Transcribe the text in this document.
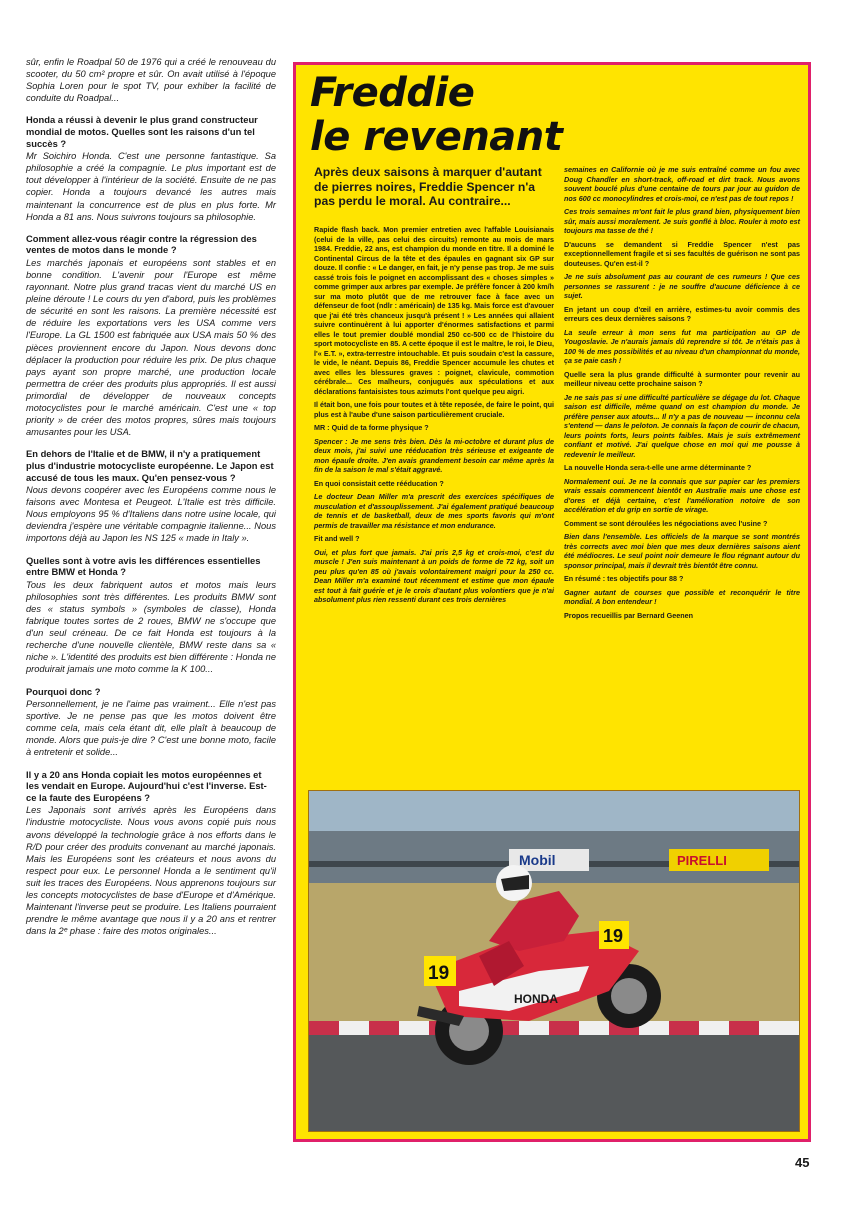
sûr, enfin le Roadpal 50 de 1976 qui a créé le renouveau du scooter, du 50 cm² propre et sûr. On avait utilisé à l'époque Sophia Loren pour le spot TV, pour exhiber la facilité de conduite du Roadpal...

Honda a réussi à devenir le plus grand constructeur mondial de motos. Quelles sont les raisons d'un tel succès ?

Mr Soichiro Honda. C'est une personne fantastique. Sa philosophie a créé la compagnie. Le plus important est de tout développer à l'intérieur de la société. Ensuite de ne pas copier. Honda a toujours devancé les autres mais maintenant la concurrence est de plus en plus forte. Mr Honda a 81 ans. Nous suivrons toujours sa philosophie.

Comment allez-vous réagir contre la régression des ventes de motos dans le monde ?

Les marchés japonais et européens sont stables et en bonne condition. L'avenir pour l'Europe est même rayonnant. Notre plus grand tracas vient du marché US en pleine déroute ! Le cours du yen d'abord, puis les problèmes de sécurité en sont les raisons. La première nécessité est de réduire les exportations vers les USA comme vers l'Europe. La GL 1500 est fabriquée aux USA mais 50 % des pièces proviennent encore du Japon. Nous devons donc déplacer la production pour réduire les prix. De plus chaque pays ayant son propre marché, une production locale permettra de créer des produits plus appropriés. Il est aussi primordial de développer de nouveaux concepts motocyclistes pour le marché américain. C'est une « top priority » de créer des motos propres, sûres mais toujours amusantes pour les USA.

En dehors de l'Italie et de BMW, il n'y a pratiquement plus d'industrie motocycliste européenne. Le Japon est accusé de tous les maux. Qu'en pensez-vous ?

Nous devons coopérer avec les Européens comme nous le faisons avec Montesa et Peugeot. L'Italie est très difficile. Nous employons 95 % d'Italiens dans notre usine locale, qui deviendra j'espère une véritable compagnie italienne... Nous importons déjà au Japon les NS 125 « made in Italy ».

Quelles sont à votre avis les différences essentielles entre BMW et Honda ?

Tous les deux fabriquent autos et motos mais leurs philosophies sont très différentes. Les produits BMW sont des « status symbols » (symboles de classe), Honda fabrique toutes sortes de 2 roues, BMW ne s'occupe que d'un seul créneau. De ce fait Honda est toujours à la recherche d'une nouvelle clientèle, BMW reste dans sa « niche ». L'identité des produits est bien différente : Honda ne produirait jamais une moto comme la K 100...

Pourquoi donc ?

Personnellement, je ne l'aime pas vraiment... Elle n'est pas sportive. Je ne pense pas que les motos doivent être comme cela, mais cela étant dit, elle plaît à beaucoup de monde. Alors que puis-je dire ? C'est une bonne moto, facile à entretenir et solide...

Il y a 20 ans Honda copiait les motos européennes et les vendait en Europe. Aujourd'hui c'est l'inverse. Est-ce la faute des Européens ?

Les Japonais sont arrivés après les Européens dans l'industrie motocycliste. Nous vous avons copié puis nous avons développé la technologie grâce à nos efforts dans le R/D pour créer des produits convenant au marché japonais. Mais les Européens sont les créateurs et nous avons du respect pour eux. Le personnel Honda a le sentiment qu'il suit les traces des Européens. Nous apprenons toujours sur les concepts motocyclistes de base d'Europe et d'Amérique. Maintenant l'inverse peut se produire. Les Italiens pourraient prendre le même avantage que nous il y a 20 ans et rentrer dans la 2ᵉ phase : faire des motos originales...

Freddie
le revenant

Après deux saisons à marquer d'autant de pierres noires, Freddie Spencer n'a pas perdu le moral. Au contraire...

Rapide flash back. Mon premier entretien avec l'affable Louisianais (celui de la ville, pas celui des circuits) remonte au mois de mars 1984. Freddie, 22 ans, est champion du monde en titre. Il a dominé le Continental Circus de la tête et des épaules en gagnant six GP sur douze. Il confie : « Le danger, en fait, je n'y pense pas trop. Je me suis cassé trois fois le poignet en accomplissant des « choses simples » comme grimper aux arbres par exemple. Je préfère foncer à 200 km/h sur ma moto plutôt que de me retrouver face à face avec un défenseur de foot (ndlr : américain) de 135 kg. Mais force est d'avouer que j'ai été très chanceux jusqu'à présent ! » Les années qui allaient suivre continuèrent à lui apporter d'énormes satisfactions et parmi elles le tout premier doublé mondial 250 cc-500 cc de l'histoire du sport motocycliste en 85. A cette époque il est le maître, le roi, le Dieu, l'« E.T. », extra-terrestre intouchable. Et puis soudain c'est la cassure, le vide, le néant. Depuis 86, Freddie Spencer accumule les chutes et avec elles les blessures graves : poignet, clavicule, commotion cérébrale... Ces malheurs, conjugués aux spéculations et aux déclarations fantaisistes tous azimuts l'ont quelque peu aigri.

Il était bon, une fois pour toutes et à tête reposée, de faire le point, qui plus est à l'aube d'une saison particulièrement cruciale.

MR : Quid de ta forme physique ?

Spencer : Je me sens très bien. Dès la mi-octobre et durant plus de deux mois, j'ai suivi une rééducation très sérieuse et exigeante de mon épaule droite. J'en avais grandement besoin car même après la fin de la saison le mal s'était aggravé.

En quoi consistait cette rééducation ?

Le docteur Dean Miller m'a prescrit des exercices spécifiques de musculation et d'assouplissement. J'ai également pratiqué beaucoup de tennis et de basketball, deux de mes sports favoris qui m'ont permis de travailler ma résistance et mon endurance.

Fit and well ?

Oui, et plus fort que jamais. J'ai pris 2,5 kg et crois-moi, c'est du muscle ! J'en suis maintenant à un poids de forme de 72 kg, soit un peu plus qu'en 85 où j'avais volontairement maigri pour la 250 cc. Dean Miller m'a examiné tout récemment et estime que mon épaule est tout à fait guérie et je le crois d'autant plus volontiers que je n'ai absolument plus rien ressenti durant ces trois dernières

semaines en Californie où je me suis entraîné comme un fou avec Doug Chandler en short-track, off-road et dirt track. Nous avons souvent bouclé plus d'une centaine de tours par jour au guidon de nos 600 cc monocylindres et crois-moi, ce n'est pas de tout repos !

Ces trois semaines m'ont fait le plus grand bien, physiquement bien sûr, mais aussi moralement. Je suis gonflé à bloc. Rouler à moto est toujours ma tasse de thé !

D'aucuns se demandent si Freddie Spencer n'est pas exceptionnellement fragile et si ses facultés de guérison ne sont pas douteuses. Qu'en est-il ?

Je ne suis absolument pas au courant de ces rumeurs ! Que ces personnes se rassurent : je ne souffre d'aucune déficience à ce sujet.

En jetant un coup d'œil en arrière, estimes-tu avoir commis des erreurs ces deux dernières saisons ?

La seule erreur à mon sens fut ma participation au GP de Yougoslavie. Je n'aurais jamais dû reprendre si tôt. Je n'étais pas à 100 % de mes possibilités et au niveau d'un championnat du monde, ça se paie cash !

Quelle sera la plus grande difficulté à surmonter pour revenir au meilleur niveau cette prochaine saison ?

Je ne sais pas si une difficulté particulière se dégage du lot. Chaque saison est difficile, même quand on est champion du monde. Je préfère penser aux atouts... Il n'y a pas de nouveau — inconnu cela s'entend — dans le peloton. Je connais la façon de courir de chacun, leurs points forts, leurs points faibles. Mais je suis extrêmement confiant et motivé. J'ai quelque chose en moi qui me pousse à redevenir le meilleur.

La nouvelle Honda sera-t-elle une arme déterminante ?

Normalement oui. Je ne la connais que sur papier car les premiers vrais essais commencent bientôt en Australie mais une chose est d'ores et déjà certaine, c'est l'amélioration notoire de son accélération et du grip en sortie de virage.

Comment se sont déroulées les négociations avec l'usine ?

Bien dans l'ensemble. Les officiels de la marque se sont montrés très corrects avec moi bien que mes deux dernières saisons aient été médiocres. Le seul point noir demeure le flou régnant autour du sponsor principal, mais il devrait très bientôt être connu.

En résumé : tes objectifs pour 88 ?

Gagner autant de courses que possible et reconquérir le titre mondial. A bon entendeur !

Propos recueillis par Bernard Geenen

Mobil	PIRELLI
19
19
HONDA
45
